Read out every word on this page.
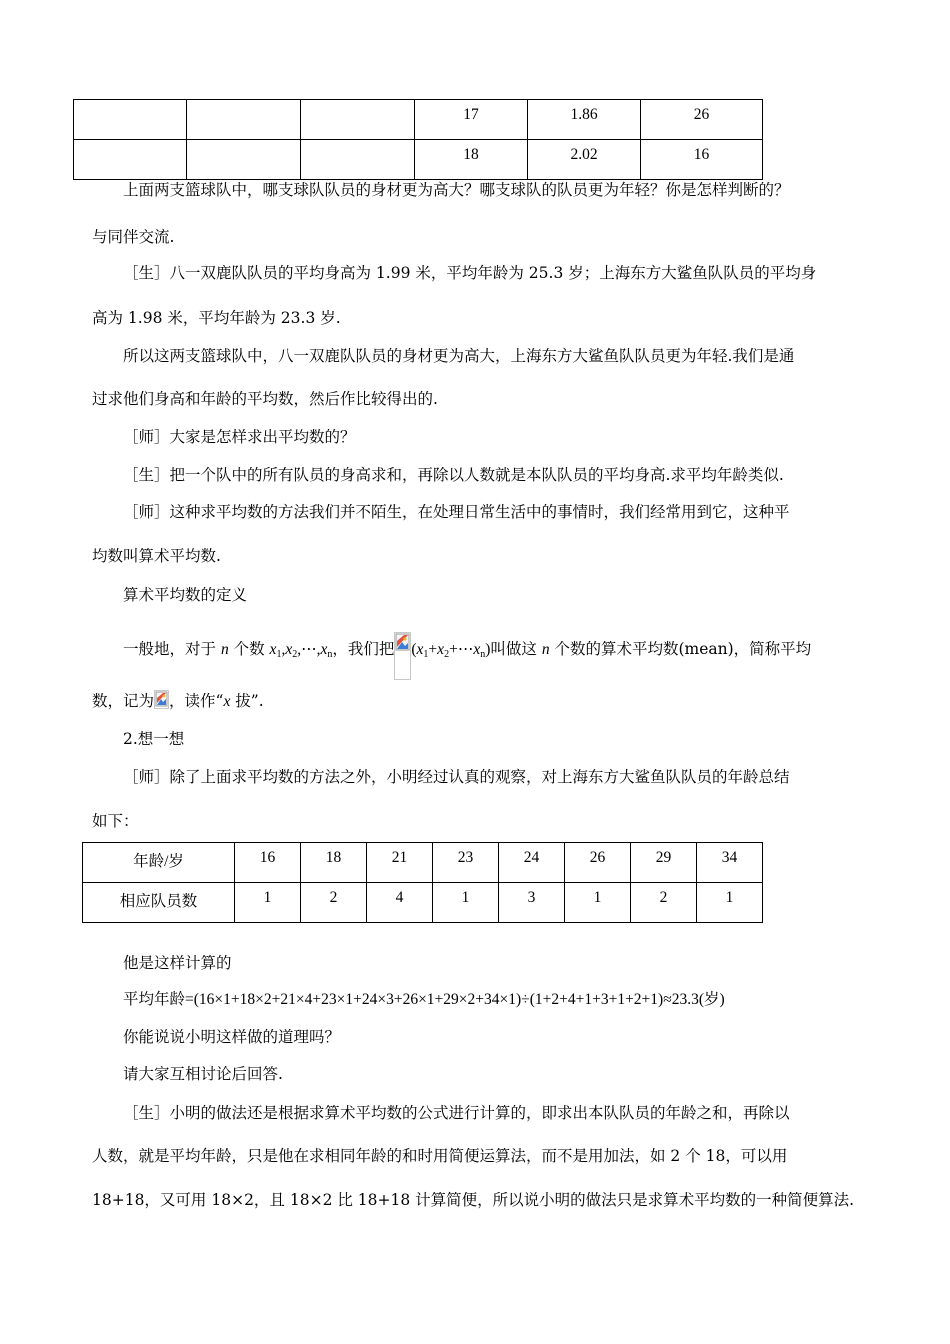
			17	1.86	26
			18	2.02	16
上面两支篮球队中，哪支球队队员的身材更为高大？哪支球队的队员更为年轻？你是怎样判断的？
与同伴交流.
［生］八一双鹿队队员的平均身高为 1.99 米，平均年龄为 25.3 岁；上海东方大鲨鱼队队员的平均身
高为 1.98 米，平均年龄为 23.3 岁.
所以这两支篮球队中，八一双鹿队队员的身材更为高大，上海东方大鲨鱼队队员更为年轻.我们是通
过求他们身高和年龄的平均数，然后作比较得出的.
［师］大家是怎样求出平均数的？
［生］把一个队中的所有队员的身高求和，再除以人数就是本队队员的平均身高.求平均年龄类似.
［师］这种求平均数的方法我们并不陌生，在处理日常生活中的事情时，我们经常用到它，这种平
均数叫算术平均数.
算术平均数的定义
一般地，对于 n 个数 $x_1,x_2,\cdots,x_n$，我们把 $(x_1+x_2+\cdots x_n)$叫做这 n 个数的算术平均数(mean)，简称平均
数，记为 ，读作“x 拔”.
2.想一想
［师］除了上面求平均数的方法之外，小明经过认真的观察，对上海东方大鲨鱼队队员的年龄总结
如下：
年龄/岁	16	18	21	23	24	26	29	34
相应队员数	1	2	4	1	3	1	2	1
他是这样计算的
平均年龄=(16×1+18×2+21×4+23×1+24×3+26×1+29×2+34×1)÷(1+2+4+1+3+1+2+1)≈23.3(岁)
你能说说小明这样做的道理吗？
请大家互相讨论后回答.
［生］小明的做法还是根据求算术平均数的公式进行计算的，即求出本队队员的年龄之和，再除以
人数，就是平均年龄，只是他在求相同年龄的和时用简便运算法，而不是用加法，如 2 个 18，可以用
18+18，又可用 18×2，且 18×2 比 18+18 计算简便，所以说小明的做法只是求算术平均数的一种简便算法.
